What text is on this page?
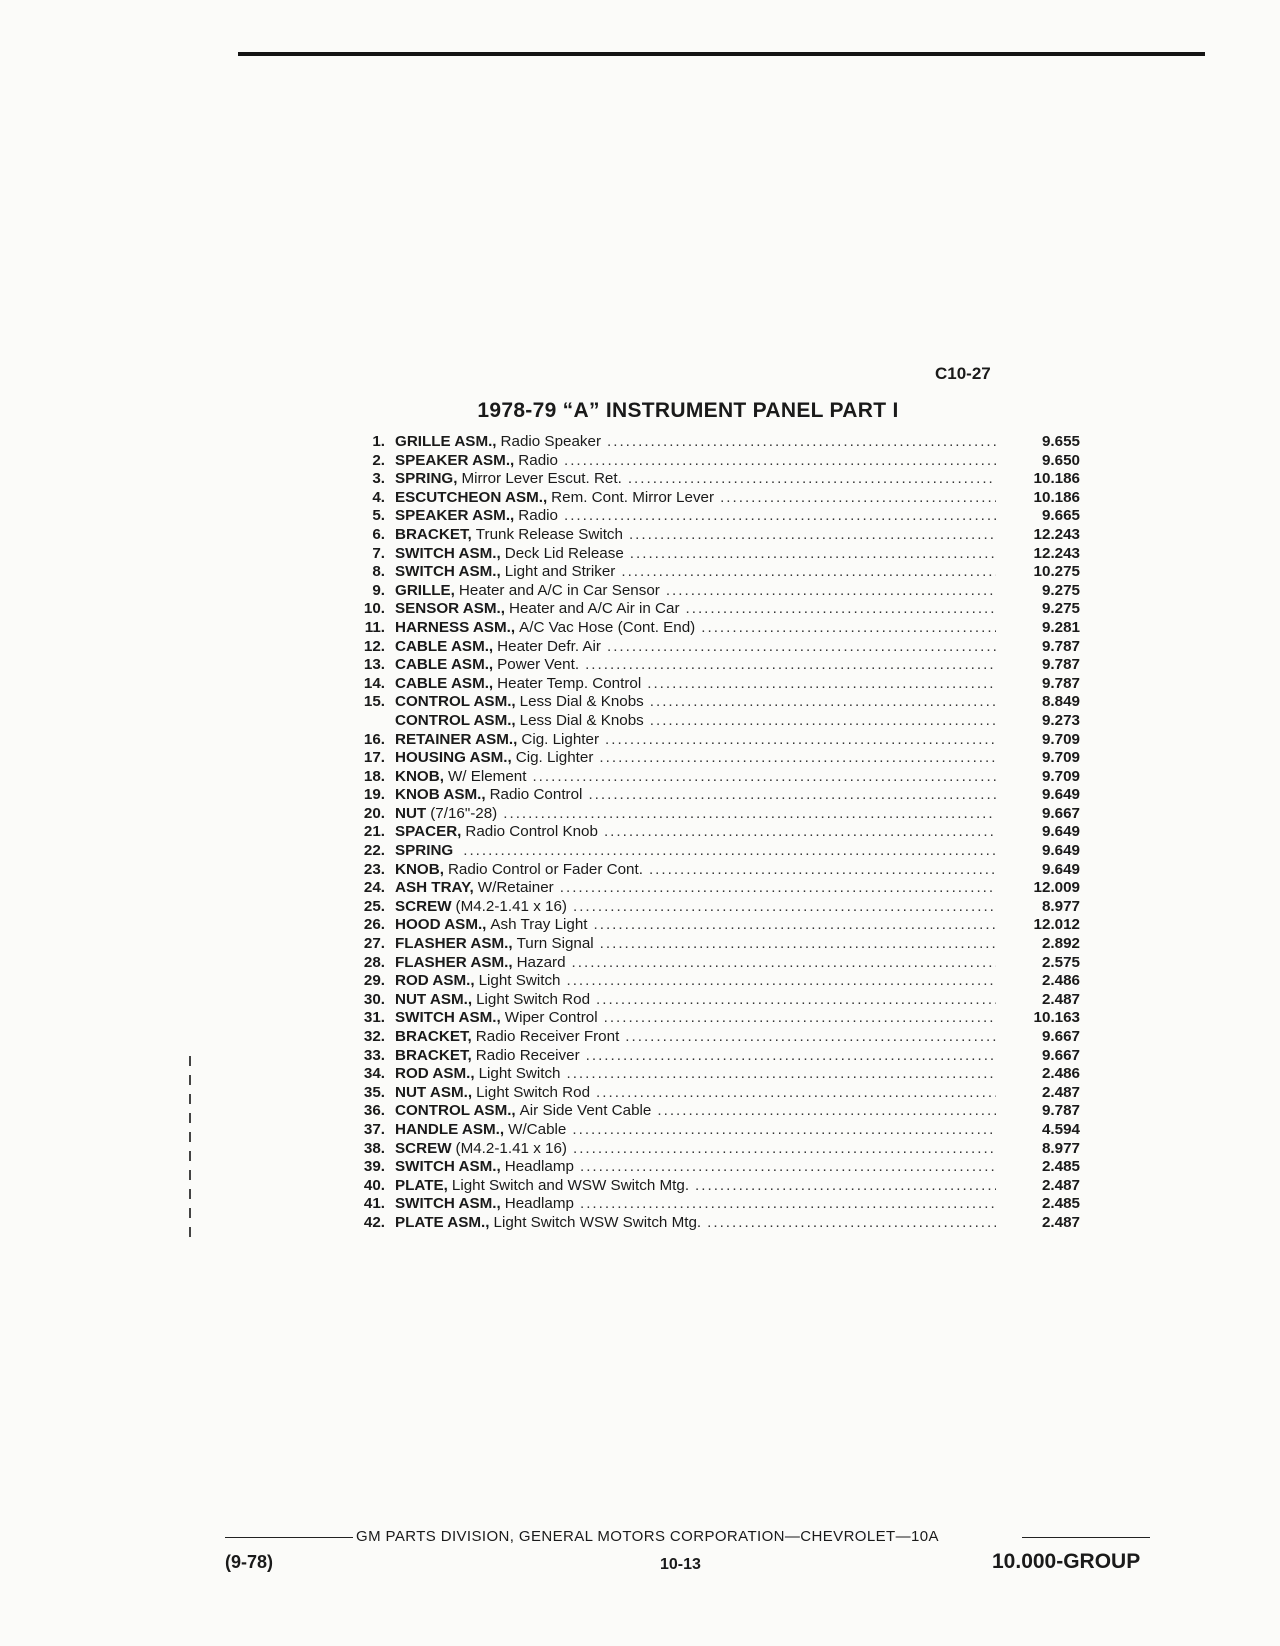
C10-27
1978-79 “A” INSTRUMENT PANEL PART I
1. GRILLE ASM., Radio Speaker .....	9.655
2. SPEAKER ASM., Radio .....	9.650
3. SPRING, Mirror Lever Escut. Ret. .....	10.186
4. ESCUTCHEON ASM., Rem. Cont. Mirror Lever .....	10.186
5. SPEAKER ASM., Radio .....	9.665
6. BRACKET, Trunk Release Switch .....	12.243
7. SWITCH ASM., Deck Lid Release .....	12.243
8. SWITCH ASM., Light and Striker .....	10.275
9. GRILLE, Heater and A/C in Car Sensor .....	9.275
10. SENSOR ASM., Heater and A/C Air in Car .....	9.275
11. HARNESS ASM., A/C Vac Hose (Cont. End) .....	9.281
12. CABLE ASM., Heater Defr. Air .....	9.787
13. CABLE ASM., Power Vent. .....	9.787
14. CABLE ASM., Heater Temp. Control .....	9.787
15. CONTROL ASM., Less Dial & Knobs .....	8.849
CONTROL ASM., Less Dial & Knobs .....	9.273
16. RETAINER ASM., Cig. Lighter .....	9.709
17. HOUSING ASM., Cig. Lighter .....	9.709
18. KNOB, W/ Element .....	9.709
19. KNOB ASM., Radio Control .....	9.649
20. NUT (7/16"-28) .....	9.667
21. SPACER, Radio Control Knob .....	9.649
22. SPRING .....	9.649
23. KNOB, Radio Control or Fader Cont. .....	9.649
24. ASH TRAY, W/Retainer .....	12.009
25. SCREW (M4.2-1.41 x 16) .....	8.977
26. HOOD ASM., Ash Tray Light .....	12.012
27. FLASHER ASM., Turn Signal .....	2.892
28. FLASHER ASM., Hazard .....	2.575
29. ROD ASM., Light Switch .....	2.486
30. NUT ASM., Light Switch Rod .....	2.487
31. SWITCH ASM., Wiper Control .....	10.163
32. BRACKET, Radio Receiver Front .....	9.667
33. BRACKET, Radio Receiver .....	9.667
34. ROD ASM., Light Switch .....	2.486
35. NUT ASM., Light Switch Rod .....	2.487
36. CONTROL ASM., Air Side Vent Cable .....	9.787
37. HANDLE ASM., W/Cable .....	4.594
38. SCREW (M4.2-1.41 x 16) .....	8.977
39. SWITCH ASM., Headlamp .....	2.485
40. PLATE, Light Switch and WSW Switch Mtg. .....	2.487
41. SWITCH ASM., Headlamp .....	2.485
42. PLATE ASM., Light Switch WSW Switch Mtg. .....	2.487
GM PARTS DIVISION, GENERAL MOTORS CORPORATION—CHEVROLET—10A
(9-78)	10-13	10.000-GROUP
